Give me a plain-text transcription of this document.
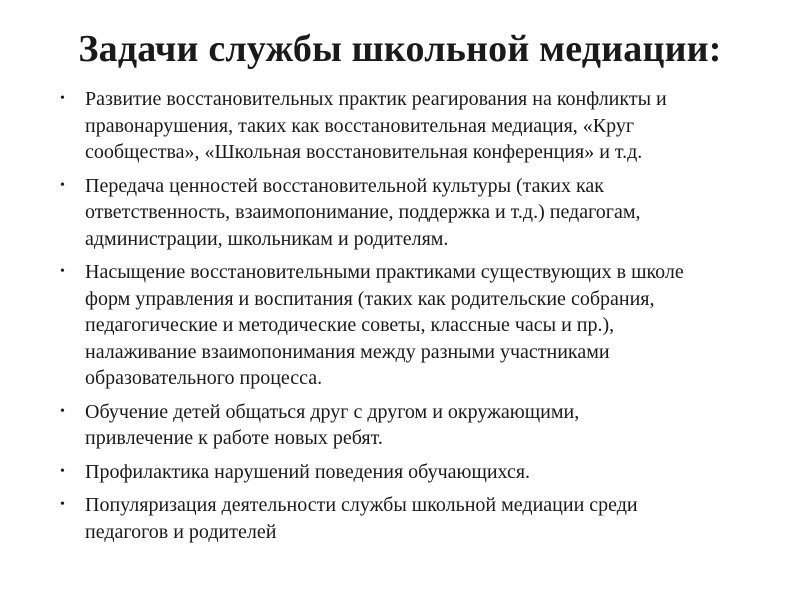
Задачи службы школьной медиации:
• Развитие восстановительных практик реагирования на конфликты и
правонарушения, таких как восстановительная медиация, «Круг
сообщества», «Школьная восстановительная конференция» и т.д.
• Передача ценностей восстановительной культуры (таких как
ответственность, взаимопонимание, поддержка и т.д.) педагогам,
администрации, школьникам и родителям.
• Насыщение восстановительными практиками существующих в школе
форм управления и воспитания (таких как родительские собрания,
педагогические и методические советы, классные часы и пр.),
налаживание взаимопонимания между разными участниками
образовательного процесса.
• Обучение детей общаться друг с другом и окружающими,
привлечение к работе новых ребят.
• Профилактика нарушений поведения обучающихся.
• Популяризация деятельности службы школьной медиации среди
педагогов и родителей
